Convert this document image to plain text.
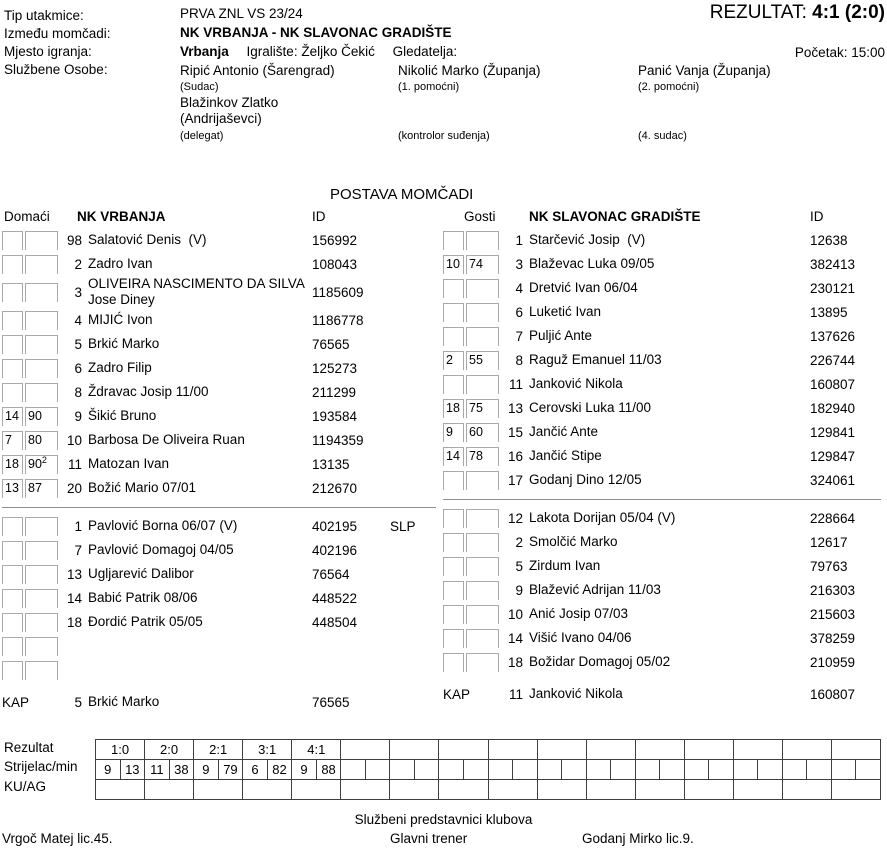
Tip utakmice:
Između momčadi:
Mjesto igranja:
Službene Osobe:
PRVA ZNL VS 23/24
NK VRBANJA - NK SLAVONAC GRADIŠTE
Vrbanja Igralište: Željko Čekić Gledatelja:
REZULTAT: 4:1 (2:0)
Početak: 15:00
Ripić Antonio (Šarengrad)
(Sudac)
Nikolić Marko (Županja)
(1. pomoćni)
Panić Vanja (Županja)
(2. pomoćni)
Blažinkov Zlatko
(Andrijaševci)
(delegat)	(kontrolor suđenja)	(4. sudac)
POSTAVA MOMČADI
Domaći NK VRBANJA	ID
98 Salatović Denis  (V)	156992
2 Zadro Ivan	108043
3
OLIVEIRA NASCIMENTO DA SILVA Jose Diney	1185609
4 MIJIĆ Ivon	1186778
5 Brkić Marko	76565
6 Zadro Filip	125273
8 Ždravac Josip 11/00	211299
14 90	9 Šikić Bruno	193584
7	80	10 Barbosa De Oliveira Ruan	1194359
18 $90^2$	11 Matozan Ivan	13135
13 87	20 Božić Mario 07/01	212670
1 Pavlović Borna 06/07 (V)	402195	SLP
7 Pavlović Domagoj 04/05	402196
13 Ugljarević Dalibor	76564
14 Babić Patrik 08/06	448522
18 Đordić Patrik 05/05	448504
KAP	5 Brkić Marko	76565
Gosti NK SLAVONAC GRADIŠTE	ID
1 Starčević Josip  (V)	12638
10 74	3 Blaževac Luka 09/05	382413
4 Dretvić Ivan 06/04	230121
6 Luketić Ivan	13895
7 Puljić Ante	137626
2	55	8 Raguž Emanuel 11/03	226744
11 Janković Nikola	160807
18 75	13 Cerovski Luka 11/00	182940
9	60	15 Jančić Ante	129841
14 78	16 Jančić Stipe	129847
17 Godanj Dino 12/05	324061
12 Lakota Dorijan 05/04 (V)	228664
2 Smolčić Marko	12617
5 Zirdum Ivan	79763
9 Blažević Adrijan 11/03	216303
10 Anić Josip 07/03	215603
14 Višić Ivano 04/06	378259
18 Božidar Domagoj 05/02	210959
KAP	11 Janković Nikola	160807
Rezultat
Strijelac/min
KU/AG
1:0		2:0		2:1		3:1		4:1																							
9	13	11	38	9	79	6	82	9	88																						

Službeni predstavnici klubova
Vrgoč Matej lic.45.	Glavni trener	Godanj Mirko lic.9.
